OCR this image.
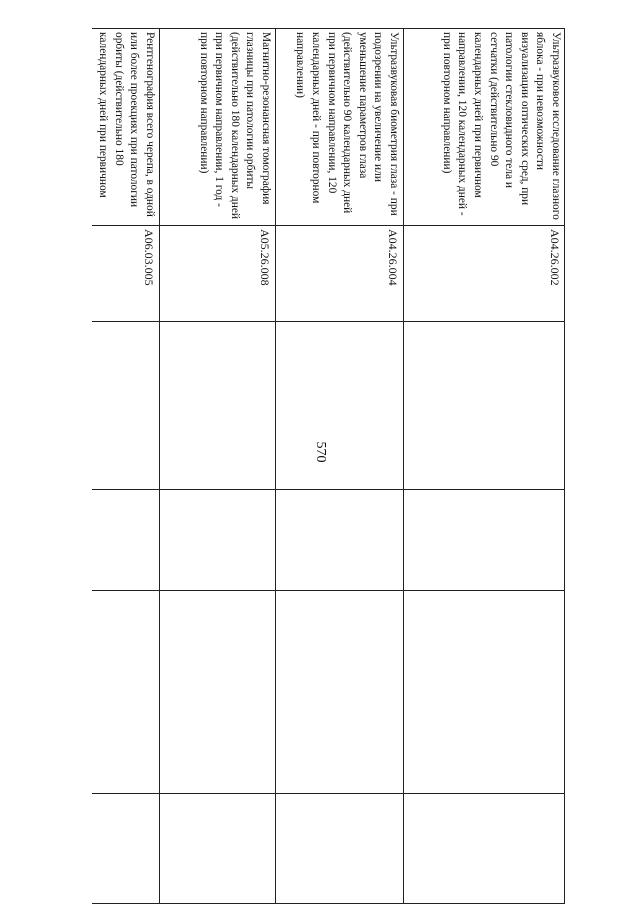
570
Ультразвуковое исследование глазного яблока - при невозможности визуализации оптических сред, при патологии стекловидного тела и сетчатки (действительно 90 календарных дней при первичном направлении, 120 календарных дней - при повторном направлении)
A04.26.002
Ультразвуковая биометрия глаза - при подозрении на увеличение или уменьшение параметров глаза (действительно 90 календарных дней при первичном направлении, 120 календарных дней - при повторном направлении)
A04.26.004
Магнитно-резонансная томография глазницы при патологии орбиты (действительно 180 календарных дней при первичном направлении, 1 год - при повторном направлении)
A05.26.008
Рентгенография всего черепа, в одной или более проекциях при патологии орбиты (действительно 180 календарных дней при первичном
A06.03.005
